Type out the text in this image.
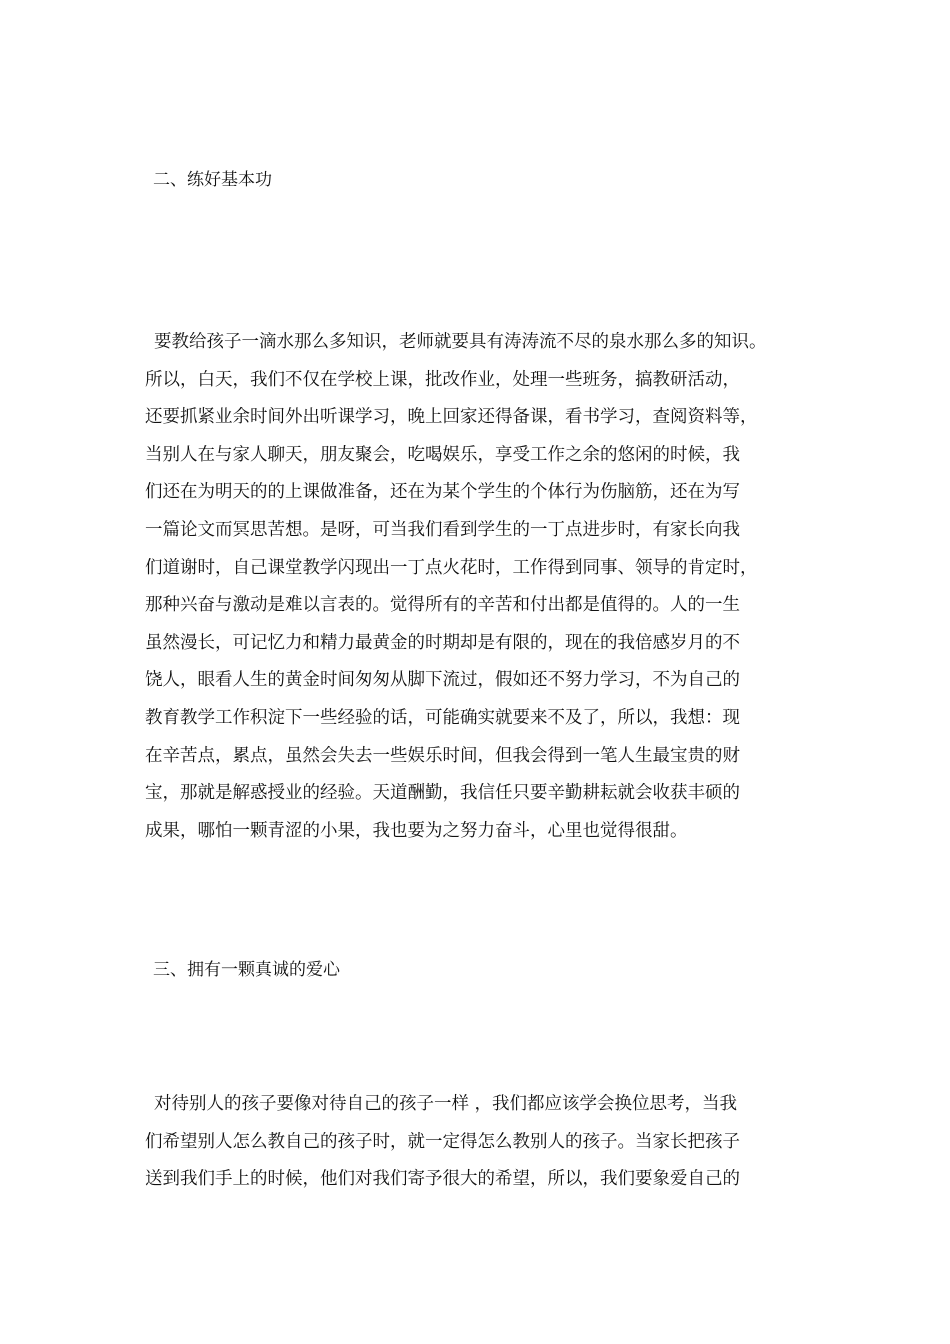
二、练好基本功
要教给孩子一滴水那么多知识，老师就要具有涛涛流不尽的泉水那么多的知识。
所以，白天，我们不仅在学校上课，批改作业，处理一些班务，搞教研活动，
还要抓紧业余时间外出听课学习，晚上回家还得备课，看书学习，查阅资料等，
当别人在与家人聊天，朋友聚会，吃喝娱乐，享受工作之余的悠闲的时候，我
们还在为明天的的上课做准备，还在为某个学生的个体行为伤脑筋，还在为写
一篇论文而冥思苦想。是呀，可当我们看到学生的一丁点进步时，有家长向我
们道谢时，自己课堂教学闪现出一丁点火花时，工作得到同事、领导的肯定时，
那种兴奋与激动是难以言表的。觉得所有的辛苦和付出都是值得的。人的一生
虽然漫长，可记忆力和精力最黄金的时期却是有限的，现在的我倍感岁月的不
饶人，眼看人生的黄金时间匆匆从脚下流过，假如还不努力学习，不为自己的
教育教学工作积淀下一些经验的话，可能确实就要来不及了，所以，我想：现
在辛苦点，累点，虽然会失去一些娱乐时间，但我会得到一笔人生最宝贵的财
宝，那就是解惑授业的经验。天道酬勤，我信任只要辛勤耕耘就会收获丰硕的
成果，哪怕一颗青涩的小果，我也要为之努力奋斗，心里也觉得很甜。
三、拥有一颗真诚的爱心
对待别人的孩子要像对待自己的孩子一样 ，我们都应该学会换位思考，当我
们希望别人怎么教自己的孩子时，就一定得怎么教别人的孩子。当家长把孩子
送到我们手上的时候，他们对我们寄予很大的希望，所以，我们要象爱自己的
